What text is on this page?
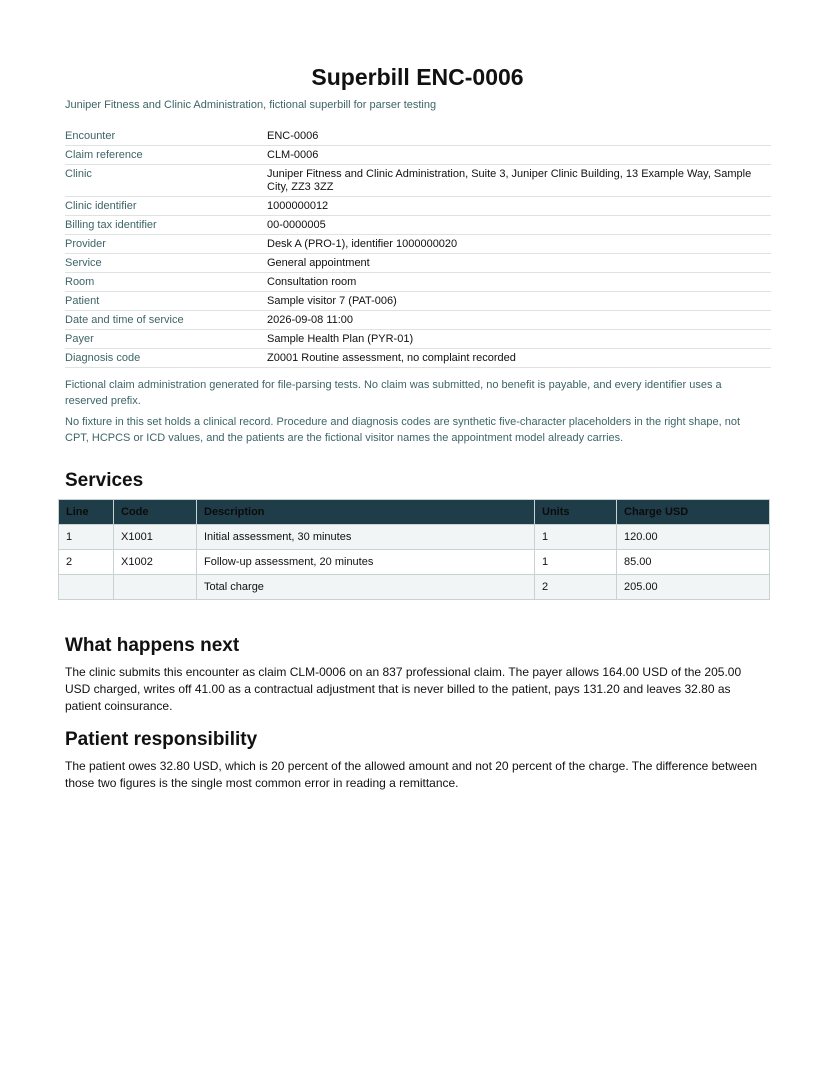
Superbill ENC-0006
Juniper Fitness and Clinic Administration, fictional superbill for parser testing
Encounter	ENC-0006
Claim reference	CLM-0006
Clinic	Juniper Fitness and Clinic Administration, Suite 3, Juniper Clinic Building, 13 Example Way, Sample City, ZZ3 3ZZ
Clinic identifier	1000000012
Billing tax identifier	00-0000005
Provider	Desk A (PRO-1), identifier 1000000020
Service	General appointment
Room	Consultation room
Patient	Sample visitor 7 (PAT-006)
Date and time of service	2026-09-08 11:00
Payer	Sample Health Plan (PYR-01)
Diagnosis code	Z0001 Routine assessment, no complaint recorded
Fictional claim administration generated for file-parsing tests. No claim was submitted, no benefit is payable, and every identifier uses a reserved prefix.
No fixture in this set holds a clinical record. Procedure and diagnosis codes are synthetic five-character placeholders in the right shape, not CPT, HCPCS or ICD values, and the patients are the fictional visitor names the appointment model already carries.
Services
Line	Code	Description	Units	Charge USD
1	X1001	Initial assessment, 30 minutes	1	120.00
2	X1002	Follow-up assessment, 20 minutes	1	85.00
		Total charge	2	205.00
What happens next

The clinic submits this encounter as claim CLM-0006 on an 837 professional claim. The payer allows 164.00 USD of the 205.00 USD charged, writes off 41.00 as a contractual adjustment that is never billed to the patient, pays 131.20 and leaves 32.80 as patient coinsurance.

Patient responsibility

The patient owes 32.80 USD, which is 20 percent of the allowed amount and not 20 percent of the charge. The difference between those two figures is the single most common error in reading a remittance.
